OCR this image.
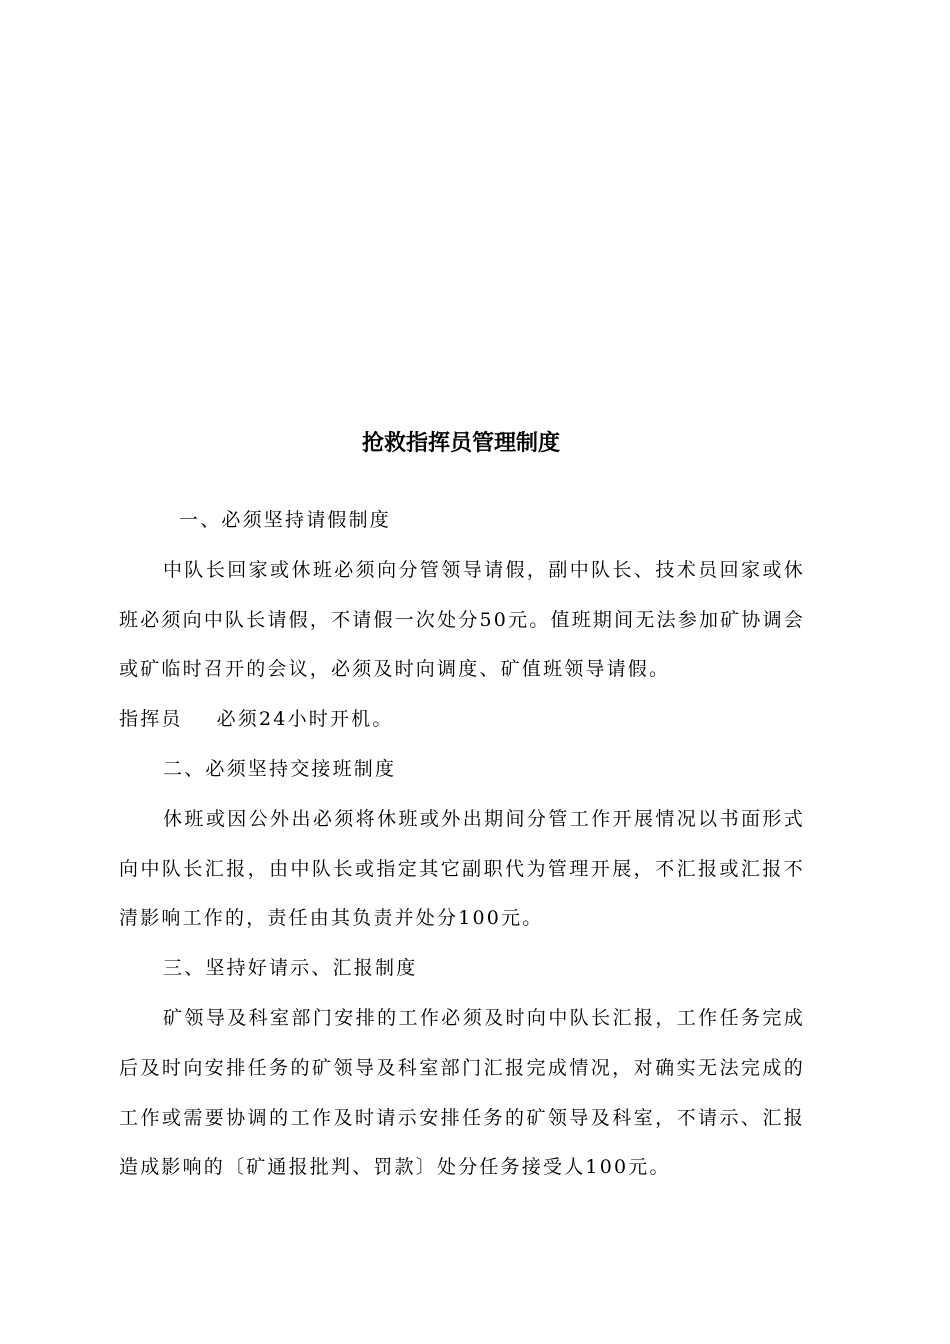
抢救指挥员管理制度

一、必须坚持请假制度

中队长回家或休班必须向分管领导请假，副中队长、技术员回家或休班必须向中队长请假，不请假一次处分50元。值班期间无法参加矿协调会或矿临时召开的会议，必须及时向调度、矿值班领导请假。

指挥员 必须24小时开机。

二、必须坚持交接班制度

休班或因公外出必须将休班或外出期间分管工作开展情况以书面形式向中队长汇报，由中队长或指定其它副职代为管理开展，不汇报或汇报不清影响工作的，责任由其负责并处分100元。

三、坚持好请示、汇报制度

矿领导及科室部门安排的工作必须及时向中队长汇报，工作任务完成后及时向安排任务的矿领导及科室部门汇报完成情况，对确实无法完成的工作或需要协调的工作及时请示安排任务的矿领导及科室，不请示、汇报造成影响的〔矿通报批判、罚款〕处分任务接受人100元。
